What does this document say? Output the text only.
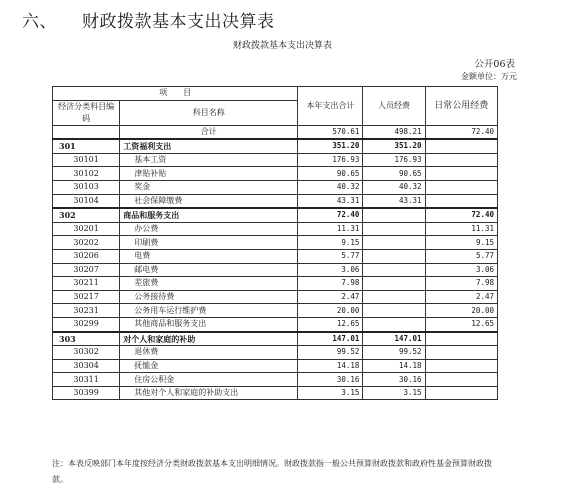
六、 财政拨款基本支出决算表
财政拨款基本支出决算表
公开06表
金额单位：万元
项　　目		本年支出合计	人员经费	日常公用经费
经济分类科目编码	科目名称			
	合计	570.61	498.21	72.40
301	工资福利支出	351.20	351.20	
30101	基本工资	176.93	176.93	
30102	津贴补贴	90.65	90.65	
30103	奖金	40.32	40.32	
30104	社会保障缴费	43.31	43.31	
302	商品和服务支出	72.40		72.40
30201	办公费	11.31		11.31
30202	印刷费	9.15		9.15
30206	电费	5.77		5.77
30207	邮电费	3.06		3.06
30211	差旅费	7.98		7.98
30217	公务接待费	2.47		2.47
30231	公务用车运行维护费	20.00		20.00
30299	其他商品和服务支出	12.65		12.65
303	对个人和家庭的补助	147.01	147.01	
30302	退休费	99.52	99.52	
30304	抚恤金	14.18	14.18	
30311	住房公积金	30.16	30.16	
30399	其他对个人和家庭的补助支出	3.15	3.15	
注：本表反映部门本年度按经济分类财政拨款基本支出明细情况。财政拨款指一般公共预算财政拨款和政府性基金预算财政拨款。
